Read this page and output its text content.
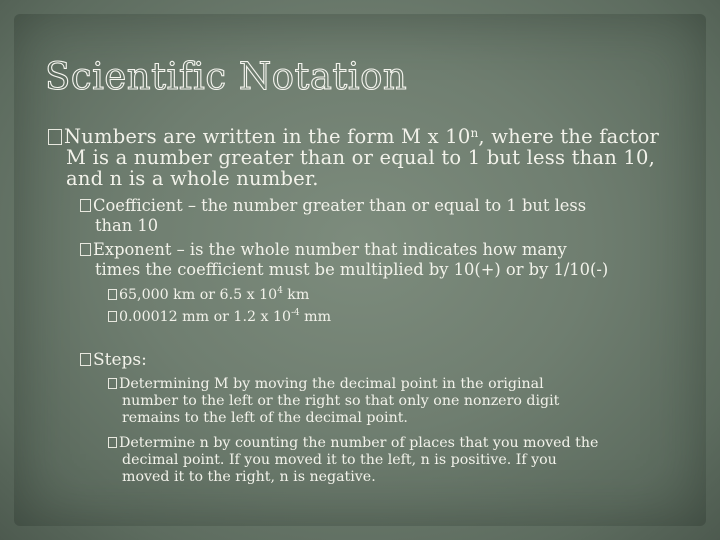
Scientific Notation
Numbers are written in the form M x 10$^n$, where the factor
M is a number greater than or equal to 1 but less than 10,
and n is a whole number.
Coefficient – the number greater than or equal to 1 but less
than 10
Exponent – is the whole number that indicates how many
times the coefficient must be multiplied by 10(+) or by 1/10(-)
65,000 km or 6.5 x $10^4$ km
0.00012 mm or 1.2 x $10^{-4}$ mm
Steps:
Determining M by moving the decimal point in the original
number to the left or the right so that only one nonzero digit
remains to the left of the decimal point.
Determine n by counting the number of places that you moved the
decimal point. If you moved it to the left, n is positive. If you
moved it to the right, n is negative.
